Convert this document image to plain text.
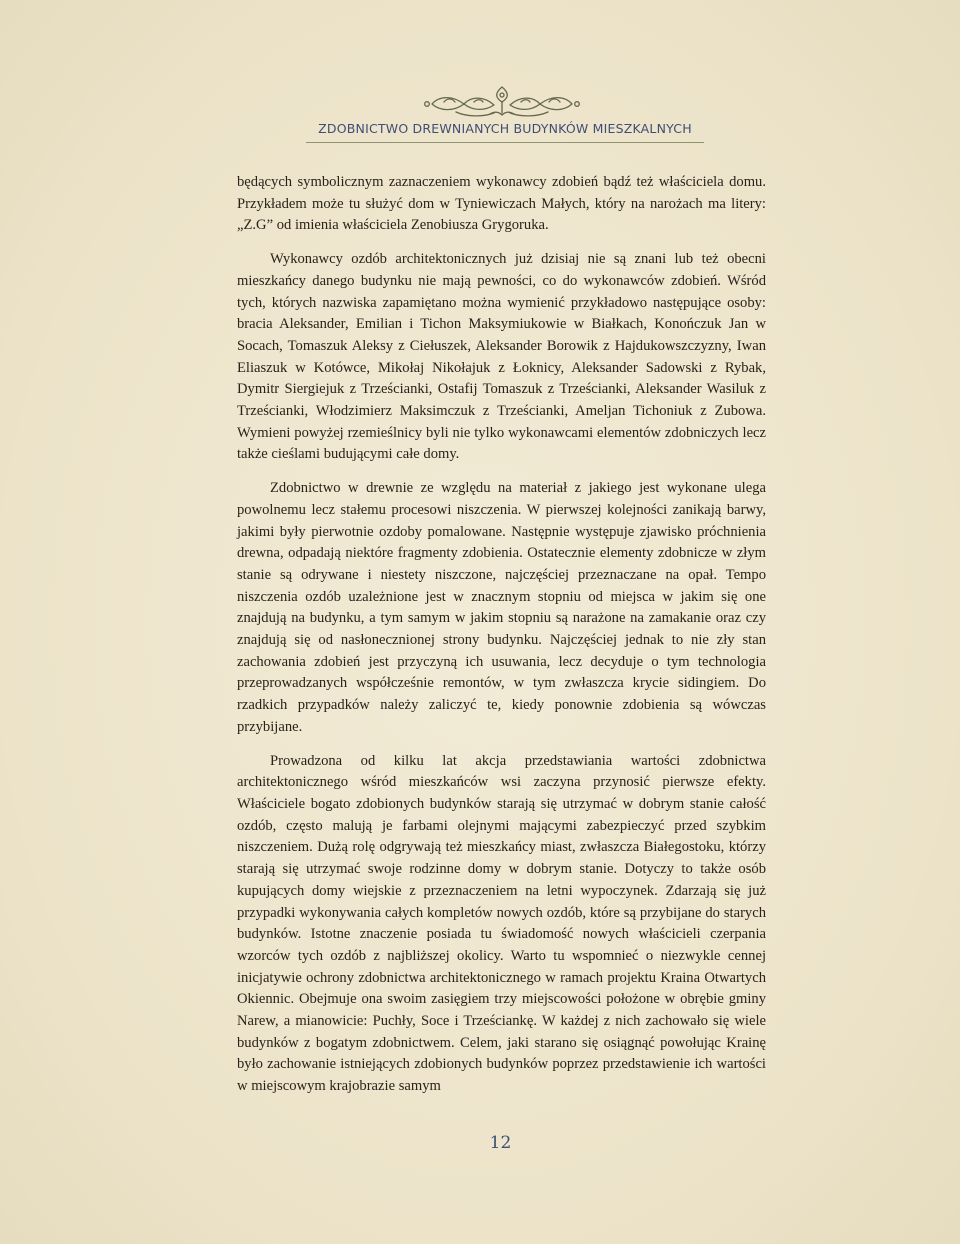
ZDOBNICTWO DREWNIANYCH BUDYNKÓW MIESZKALNYCH

będących symbolicznym zaznaczeniem wykonawcy zdobień bądź też właściciela domu. Przykładem może tu służyć dom w Tyniewiczach Małych, który na narożach ma litery: „Z.G” od imienia właściciela Zenobiusza Grygoruka.

Wykonawcy ozdób architektonicznych już dzisiaj nie są znani lub też obecni mieszkańcy danego budynku nie mają pewności, co do wykonawców zdobień. Wśród tych, których nazwiska zapamiętano można wymienić przykładowo następujące osoby: bracia Aleksander, Emilian i Tichon Maksymiukowie w Białkach, Konończuk Jan w Socach, Tomaszuk Aleksy z Ciełuszek, Aleksander Borowik z Hajdukowszczyzny, Iwan Eliaszuk w Kotówce, Mikołaj Nikołajuk z Łoknicy, Aleksander Sadowski z Rybak, Dymitr Siergiejuk z Trześcianki, Ostafij Tomaszuk z Trześcianki, Aleksander Wasiluk z Trześcianki, Włodzimierz Maksimczuk z Trześcianki, Ameljan Tichoniuk z Zubowa. Wymieni powyżej rzemieślnicy byli nie tylko wykonawcami elementów zdobniczych lecz także cieślami budującymi całe domy.

Zdobnictwo w drewnie ze względu na materiał z jakiego jest wykonane ulega powolnemu lecz stałemu procesowi niszczenia. W pierwszej kolejności zanikają barwy, jakimi były pierwotnie ozdoby pomalowane. Następnie występuje zjawisko próchnienia drewna, odpadają niektóre fragmenty zdobienia. Ostatecznie elementy zdobnicze w złym stanie są odrywane i niestety niszczone, najczęściej przeznaczane na opał. Tempo niszczenia ozdób uzależnione jest w znacznym stopniu od miejsca w jakim się one znajdują na budynku, a tym samym w jakim stopniu są narażone na zamakanie oraz czy znajdują się od nasłonecznionej strony budynku. Najczęściej jednak to nie zły stan zachowania zdobień jest przyczyną ich usuwania, lecz decyduje o tym technologia przeprowadzanych współcześnie remontów, w tym zwłaszcza krycie sidingiem. Do rzadkich przypadków należy zaliczyć te, kiedy ponownie zdobienia są wówczas przybijane.

Prowadzona od kilku lat akcja przedstawiania wartości zdobnictwa architektonicznego wśród mieszkańców wsi zaczyna przynosić pierwsze efekty. Właściciele bogato zdobionych budynków starają się utrzymać w dobrym stanie całość ozdób, często malują je farbami olejnymi mającymi zabezpieczyć przed szybkim niszczeniem. Dużą rolę odgrywają też mieszkańcy miast, zwłaszcza Białegostoku, którzy starają się utrzymać swoje rodzinne domy w dobrym stanie. Dotyczy to także osób kupujących domy wiejskie z przeznaczeniem na letni wypoczynek. Zdarzają się już przypadki wykonywania całych kompletów nowych ozdób, które są przybijane do starych budynków. Istotne znaczenie posiada tu świadomość nowych właścicieli czerpania wzorców tych ozdób z najbliższej okolicy. Warto tu wspomnieć o niezwykle cennej inicjatywie ochrony zdobnictwa architektonicznego w ramach projektu Kraina Otwartych Okiennic. Obejmuje ona swoim zasięgiem trzy miejscowości położone w obrębie gminy Narew, a mianowicie: Puchły, Soce i Trześciankę. W każdej z nich zachowało się wiele budynków z bogatym zdobnictwem. Celem, jaki starano się osiągnąć powołując Krainę było zachowanie istniejących zdobionych budynków poprzez przedstawienie ich wartości w miejscowym krajobrazie samym

12
